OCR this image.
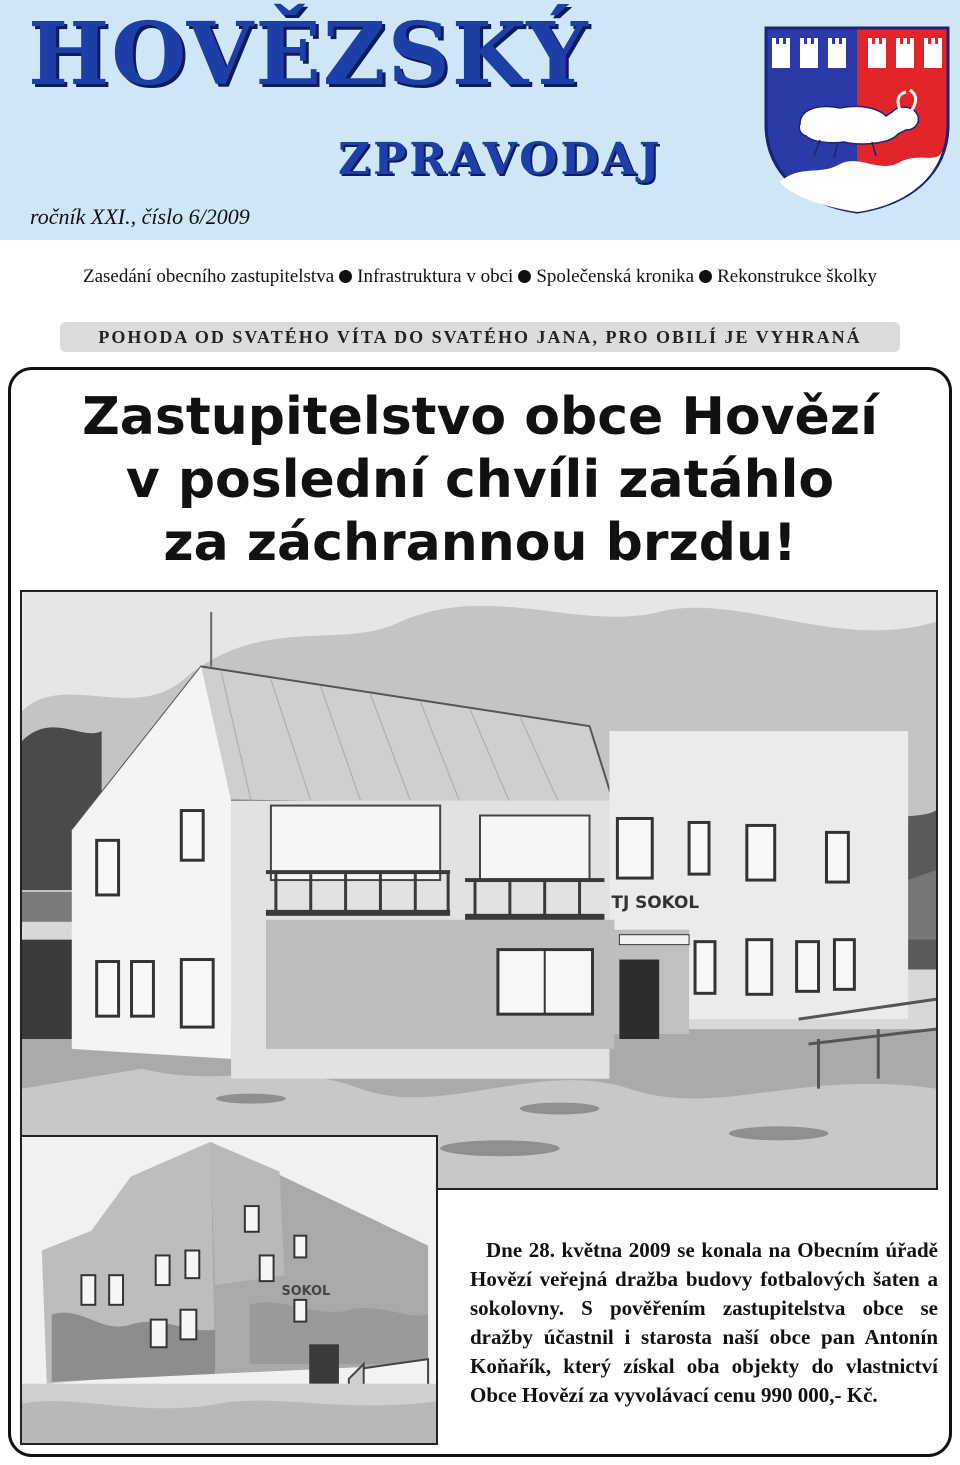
HOVĚZSKÝ
ZPRAVODAJ
ročník XXI., číslo 6/2009
Zasedání obecního zastupitelstva Infrastruktura v obci Společenská kronika Rekonstrukce školky
POHODA OD SVATÉHO VÍTA DO SVATÉHO JANA, PRO OBILÍ JE VYHRANÁ
Zastupitelstvo obce Hovězí
v poslední chvíli zatáhlo
za záchrannou brzdu!
TJ SOKOL
SOKOL

Dne 28. května 2009 se konala na Obecním úřadě Hovězí veřejná dražba budovy fotbalových šaten a sokolovny. S pověřením zastupitelstva obce se dražby účastnil i starosta naší obce pan Antonín Koňařík, který získal oba objekty do vlastnictví Obce Hovězí za vyvolávací cenu 990 000,- Kč.
